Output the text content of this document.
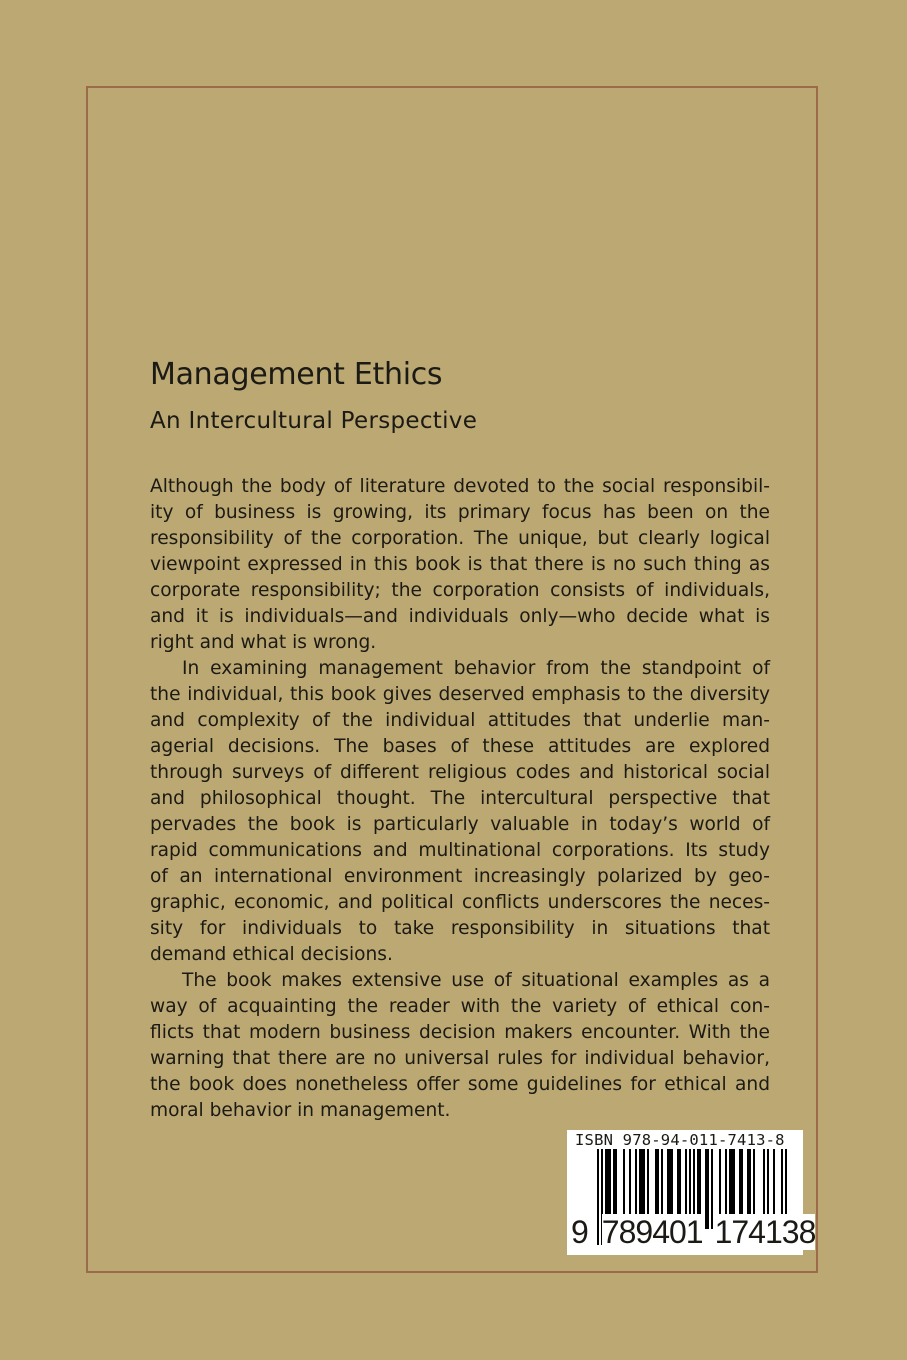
Management Ethics
An Intercultural Perspective
Although the body of literature devoted to the social responsibil-
ity of business is growing, its primary focus has been on the
responsibility of the corporation. The unique, but clearly logical
viewpoint expressed in this book is that there is no such thing as
corporate responsibility; the corporation consists of individuals,
and it is individuals—and individuals only—who decide what is
right and what is wrong.
In examining management behavior from the standpoint of
the individual, this book gives deserved emphasis to the diversity
and complexity of the individual attitudes that underlie man-
agerial decisions. The bases of these attitudes are explored
through surveys of different religious codes and historical social
and philosophical thought. The intercultural perspective that
pervades the book is particularly valuable in today’s world of
rapid communications and multinational corporations. Its study
of an international environment increasingly polarized by geo-
graphic, economic, and political conflicts underscores the neces-
sity for individuals to take responsibility in situations that
demand ethical decisions.
The book makes extensive use of situational examples as a
way of acquainting the reader with the variety of ethical con-
flicts that modern business decision makers encounter. With the
warning that there are no universal rules for individual behavior,
the book does nonetheless offer some guidelines for ethical and
moral behavior in management.
ISBN 978-94-011-7413-8
9 789401 174138
